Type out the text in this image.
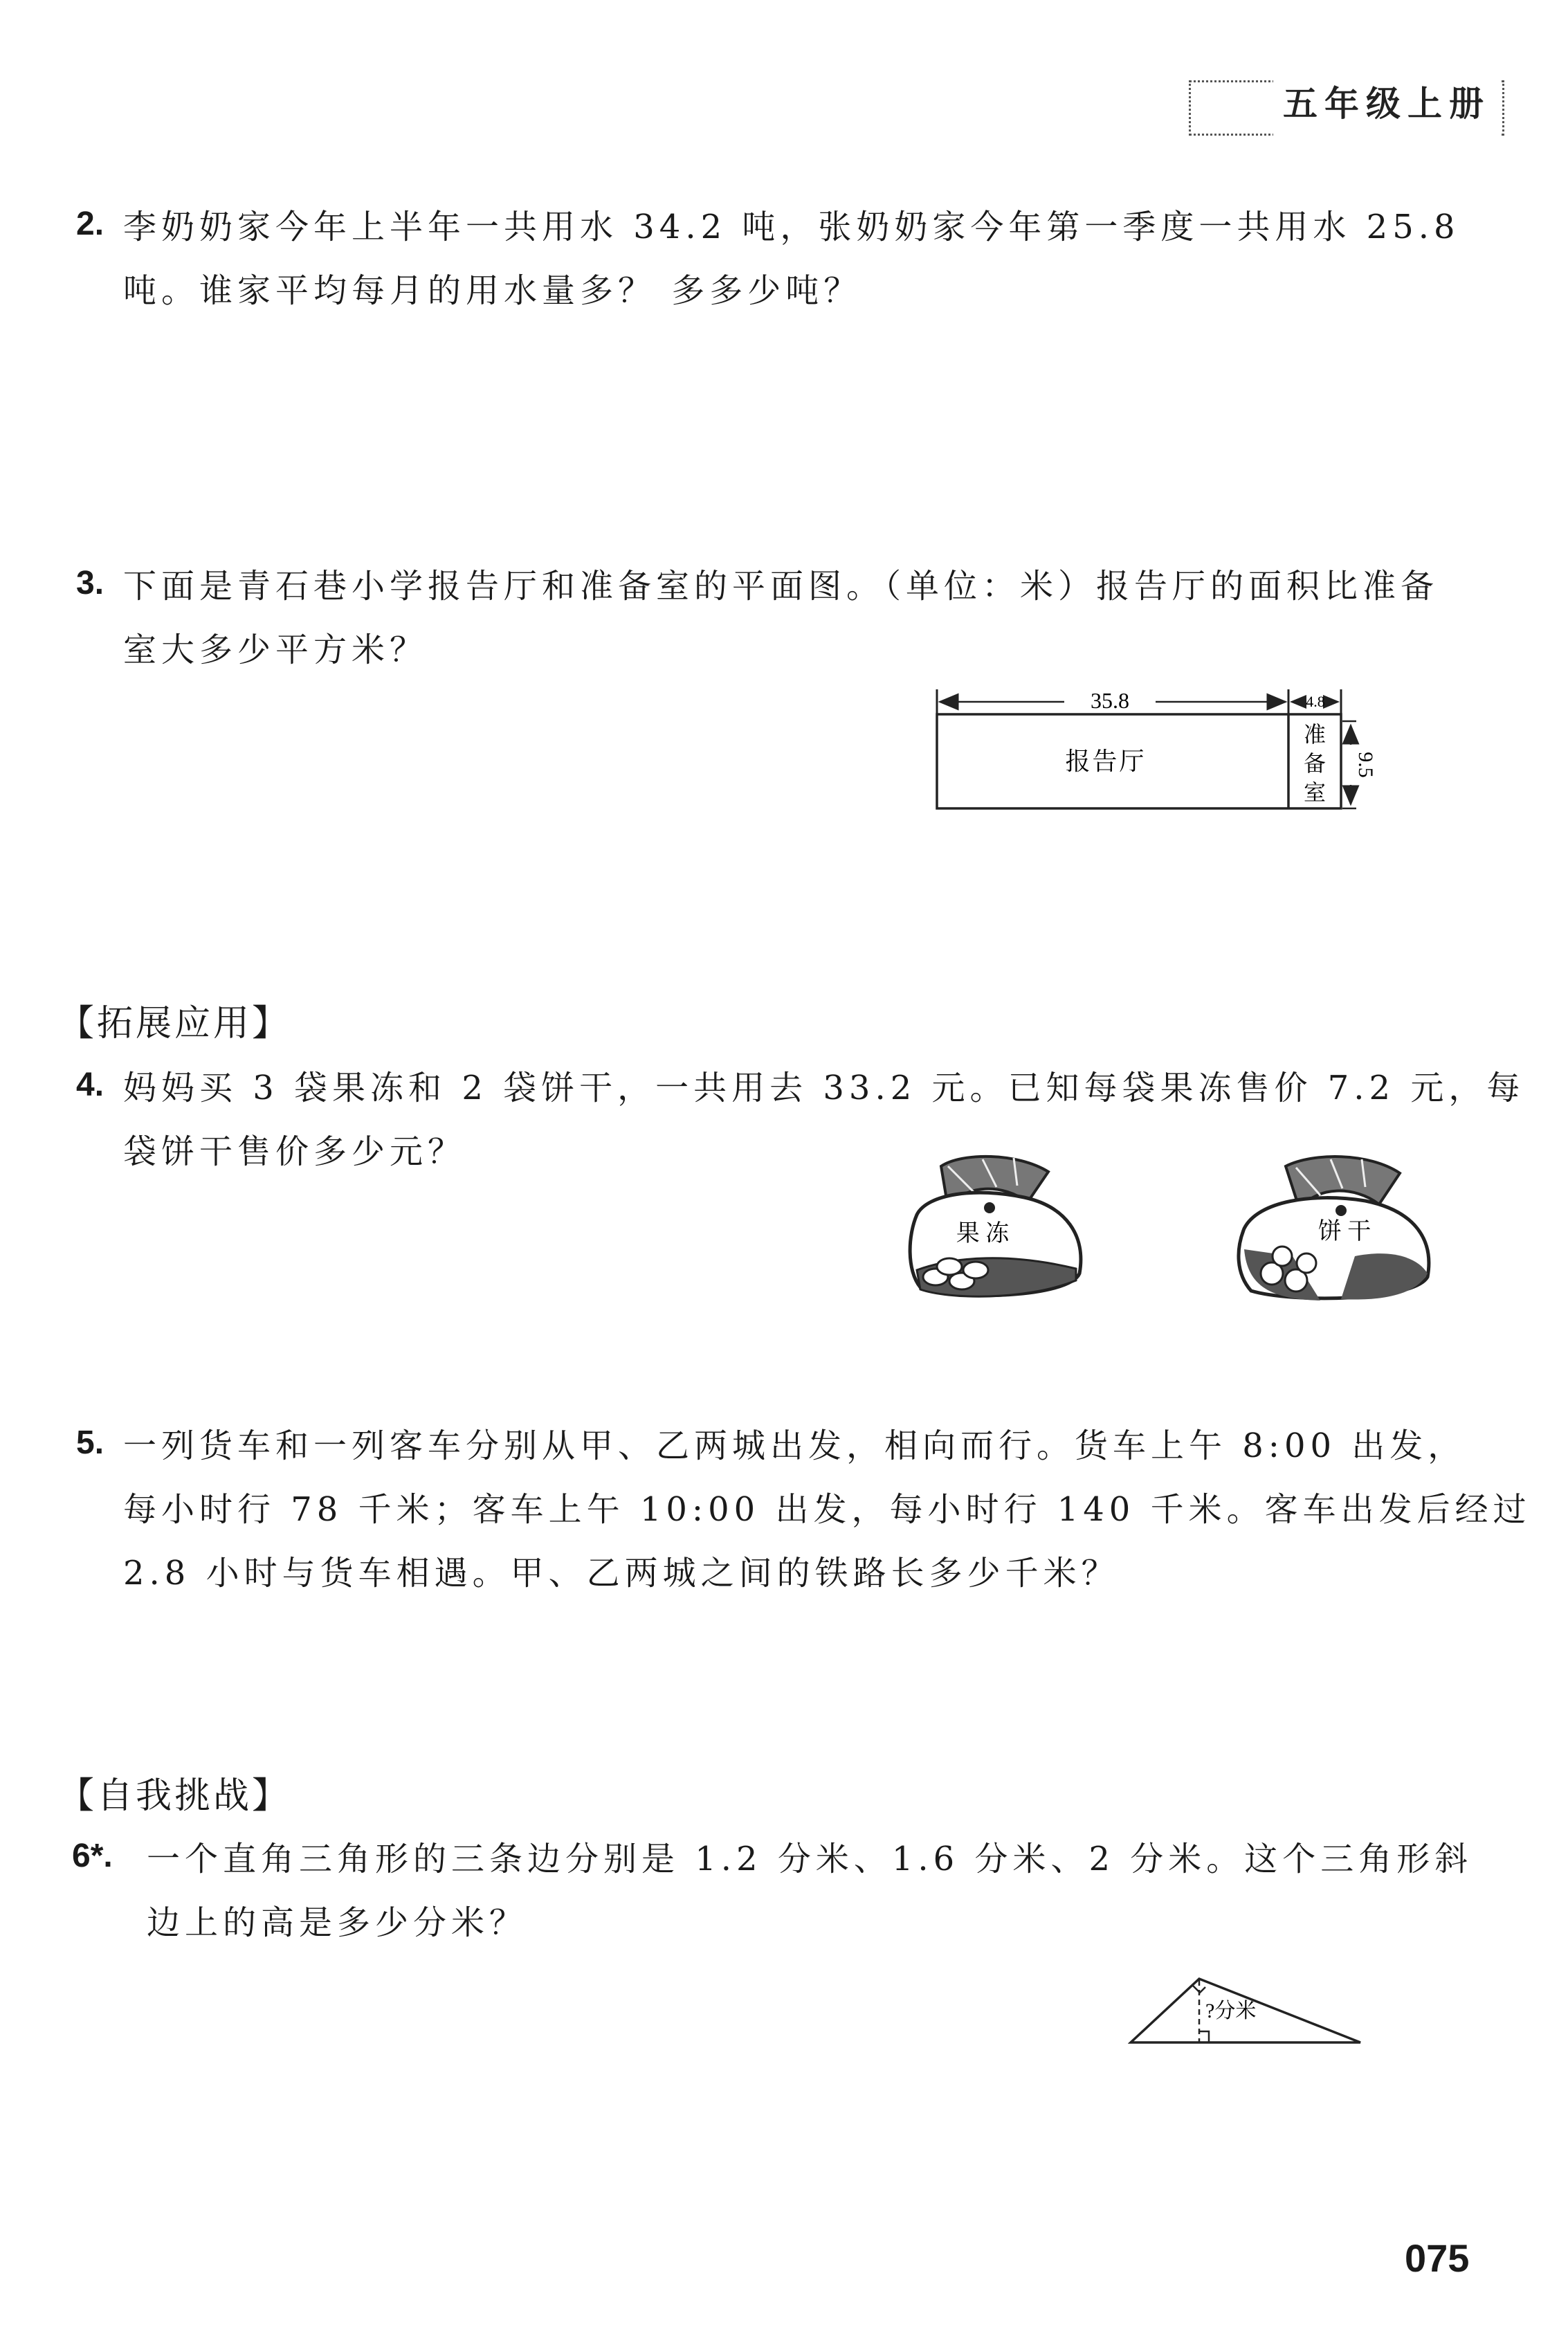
五年级上册
2. 李奶奶家今年上半年一共用水 34.2 吨，张奶奶家今年第一季度一共用水 25.8
吨。谁家平均每月的用水量多？ 多多少吨？
3. 下面是青石巷小学报告厅和准备室的平面图。（单位：米）报告厅的面积比准备
室大多少平方米？
35.8	4.8
9.5
报告厅
准
备
室
【拓展应用】
4. 妈妈买 3 袋果冻和 2 袋饼干，一共用去 33.2 元。已知每袋果冻售价 7.2 元，每
袋饼干售价多少元？
果 冻	饼 干
5. 一列货车和一列客车分别从甲、乙两城出发，相向而行。货车上午 8:00 出发，
每小时行 78 千米；客车上午 10:00 出发，每小时行 140 千米。客车出发后经过
2.8 小时与货车相遇。甲、乙两城之间的铁路长多少千米？
【自我挑战】
6*. 一个直角三角形的三条边分别是 1.2 分米、1.6 分米、2 分米。这个三角形斜
边上的高是多少分米？
?分米
075
